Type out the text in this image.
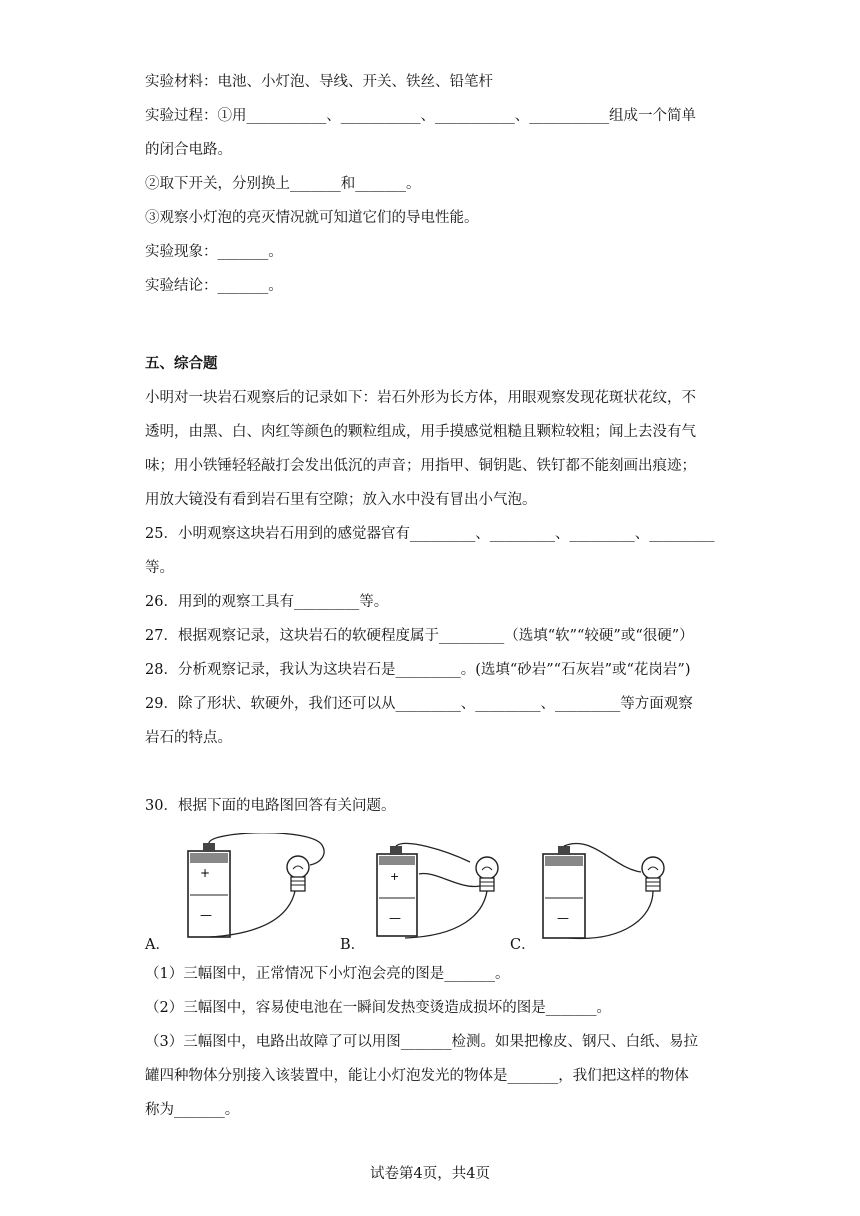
实验材料：电池、小灯泡、导线、开关、铁丝、铅笔杆
实验过程：①用___________、___________、___________、___________组成一个简单
的闭合电路。
②取下开关，分别换上_______和_______。
③观察小灯泡的亮灭情况就可知道它们的导电性能。
实验现象：_______。
实验结论：_______。
五、综合题
小明对一块岩石观察后的记录如下：岩石外形为长方体，用眼观察发现花斑状花纹，不
透明，由黑、白、肉红等颜色的颗粒组成，用手摸感觉粗糙且颗粒较粗；闻上去没有气
味；用小铁锤轻轻敲打会发出低沉的声音；用指甲、铜钥匙、铁钉都不能刻画出痕迹；
用放大镜没有看到岩石里有空隙；放入水中没有冒出小气泡。
25．小明观察这块岩石用到的感觉器官有_________、_________、_________、_________
等。
26．用到的观察工具有_________等。
27．根据观察记录，这块岩石的软硬程度属于_________（选填“软”“较硬”或“很硬”）
28．分析观察记录，我认为这块岩石是_________。(选填“砂岩”“石灰岩”或“花岗岩”)
29．除了形状、软硬外，我们还可以从_________、_________、_________等方面观察
岩石的特点。
30．根据下面的电路图回答有关问题。
+
—
A．
+
—
B．
—
C．
（1）三幅图中，正常情况下小灯泡会亮的图是_______。
（2）三幅图中，容易使电池在一瞬间发热变烫造成损坏的图是_______。
（3）三幅图中，电路出故障了可以用图_______检测。如果把橡皮、钢尺、白纸、易拉
罐四种物体分别接入该装置中，能让小灯泡发光的物体是_______，我们把这样的物体
称为_______。
试卷第4页，共4页
